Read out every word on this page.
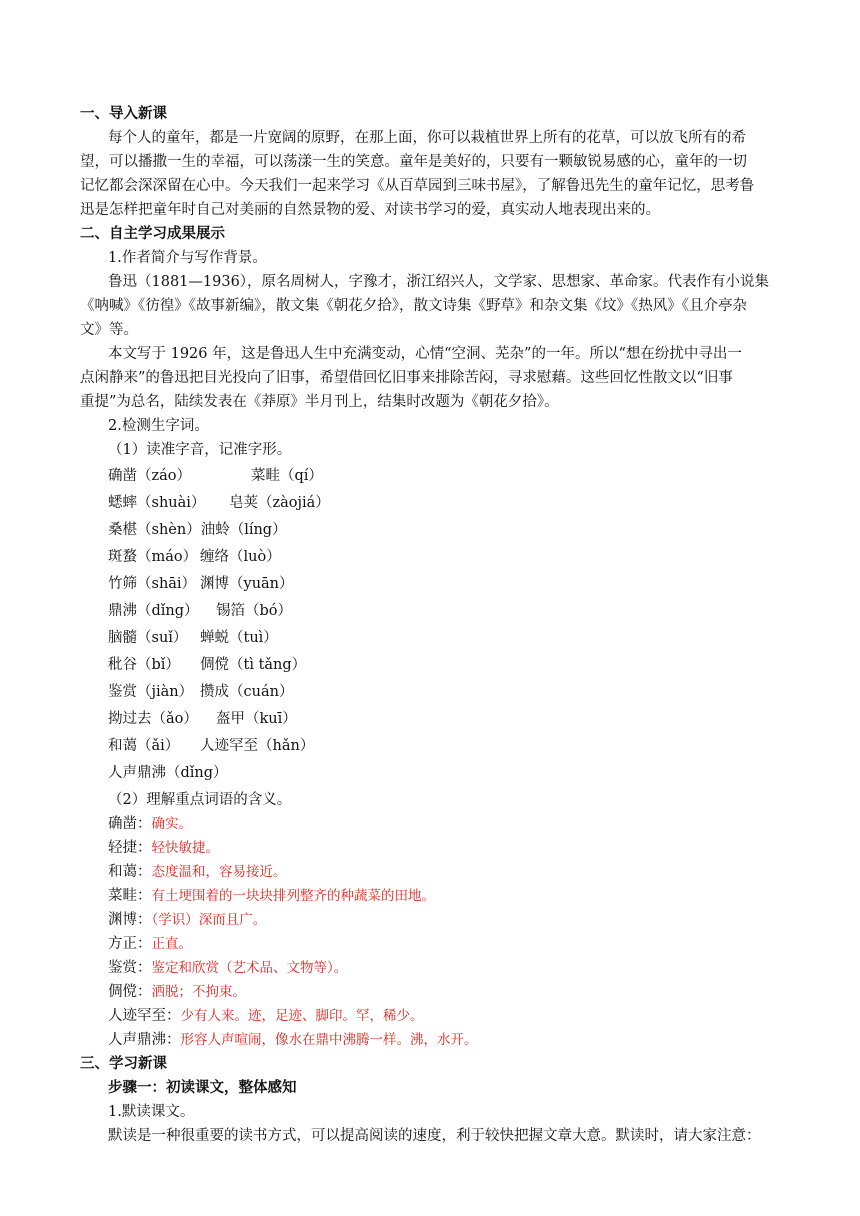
一、导入新课
每个人的童年，都是一片宽阔的原野，在那上面，你可以栽植世界上所有的花草，可以放飞所有的希
望，可以播撒一生的幸福，可以荡漾一生的笑意。童年是美好的，只要有一颗敏锐易感的心，童年的一切
记忆都会深深留在心中。今天我们一起来学习《从百草园到三味书屋》，了解鲁迅先生的童年记忆，思考鲁
迅是怎样把童年时自己对美丽的自然景物的爱、对读书学习的爱，真实动人地表现出来的。
二、自主学习成果展示
1.作者简介与写作背景。
鲁迅（1881—1936），原名周树人，字豫才，浙江绍兴人，文学家、思想家、革命家。代表作有小说集
《呐喊》《彷徨》《故事新编》，散文集《朝花夕拾》，散文诗集《野草》和杂文集《坟》《热风》《且介亭杂
文》等。
本文写于 1926 年，这是鲁迅人生中充满变动，心情“空洞、芜杂”的一年。所以“想在纷扰中寻出一
点闲静来”的鲁迅把目光投向了旧事，希望借回忆旧事来排除苦闷，寻求慰藉。这些回忆性散文以“旧事
重提”为总名，陆续发表在《莽原》半月刊上，结集时改题为《朝花夕拾》。
2.检测生字词。
（1）读准字音，记准字形。
确凿（záo）	菜畦（qí）
蟋蟀（shuài） 皂荚（zàojiá）
桑椹（shèn）油蛉（líng）
斑蝥（máo） 缠络（luò）
竹筛（shāi） 渊博（yuān）
鼎沸（dǐng） 锡箔（bó）
脑髓（suǐ） 蝉蜕（tuì）
秕谷（bǐ） 倜傥（tì tǎng）
鉴赏（jiàn） 攒成（cuán）
拗过去（ǎo） 盔甲（kuī）
和蔼（ǎi） 人迹罕至（hǎn）
人声鼎沸（dǐng）
（2）理解重点词语的含义。
确凿：确实。
轻捷：轻快敏捷。
和蔼：态度温和，容易接近。
菜畦：有土埂围着的一块块排列整齐的种蔬菜的田地。
渊博：（学识）深而且广。
方正：正直。
鉴赏：鉴定和欣赏（艺术品、文物等）。
倜傥：洒脱；不拘束。
人迹罕至：少有人来。迹，足迹、脚印。罕，稀少。
人声鼎沸：形容人声喧闹，像水在鼎中沸腾一样。沸，水开。
三、学习新课
步骤一：初读课文，整体感知
1.默读课文。
默读是一种很重要的读书方式，可以提高阅读的速度，利于较快把握文章大意。默读时，请大家注意：
